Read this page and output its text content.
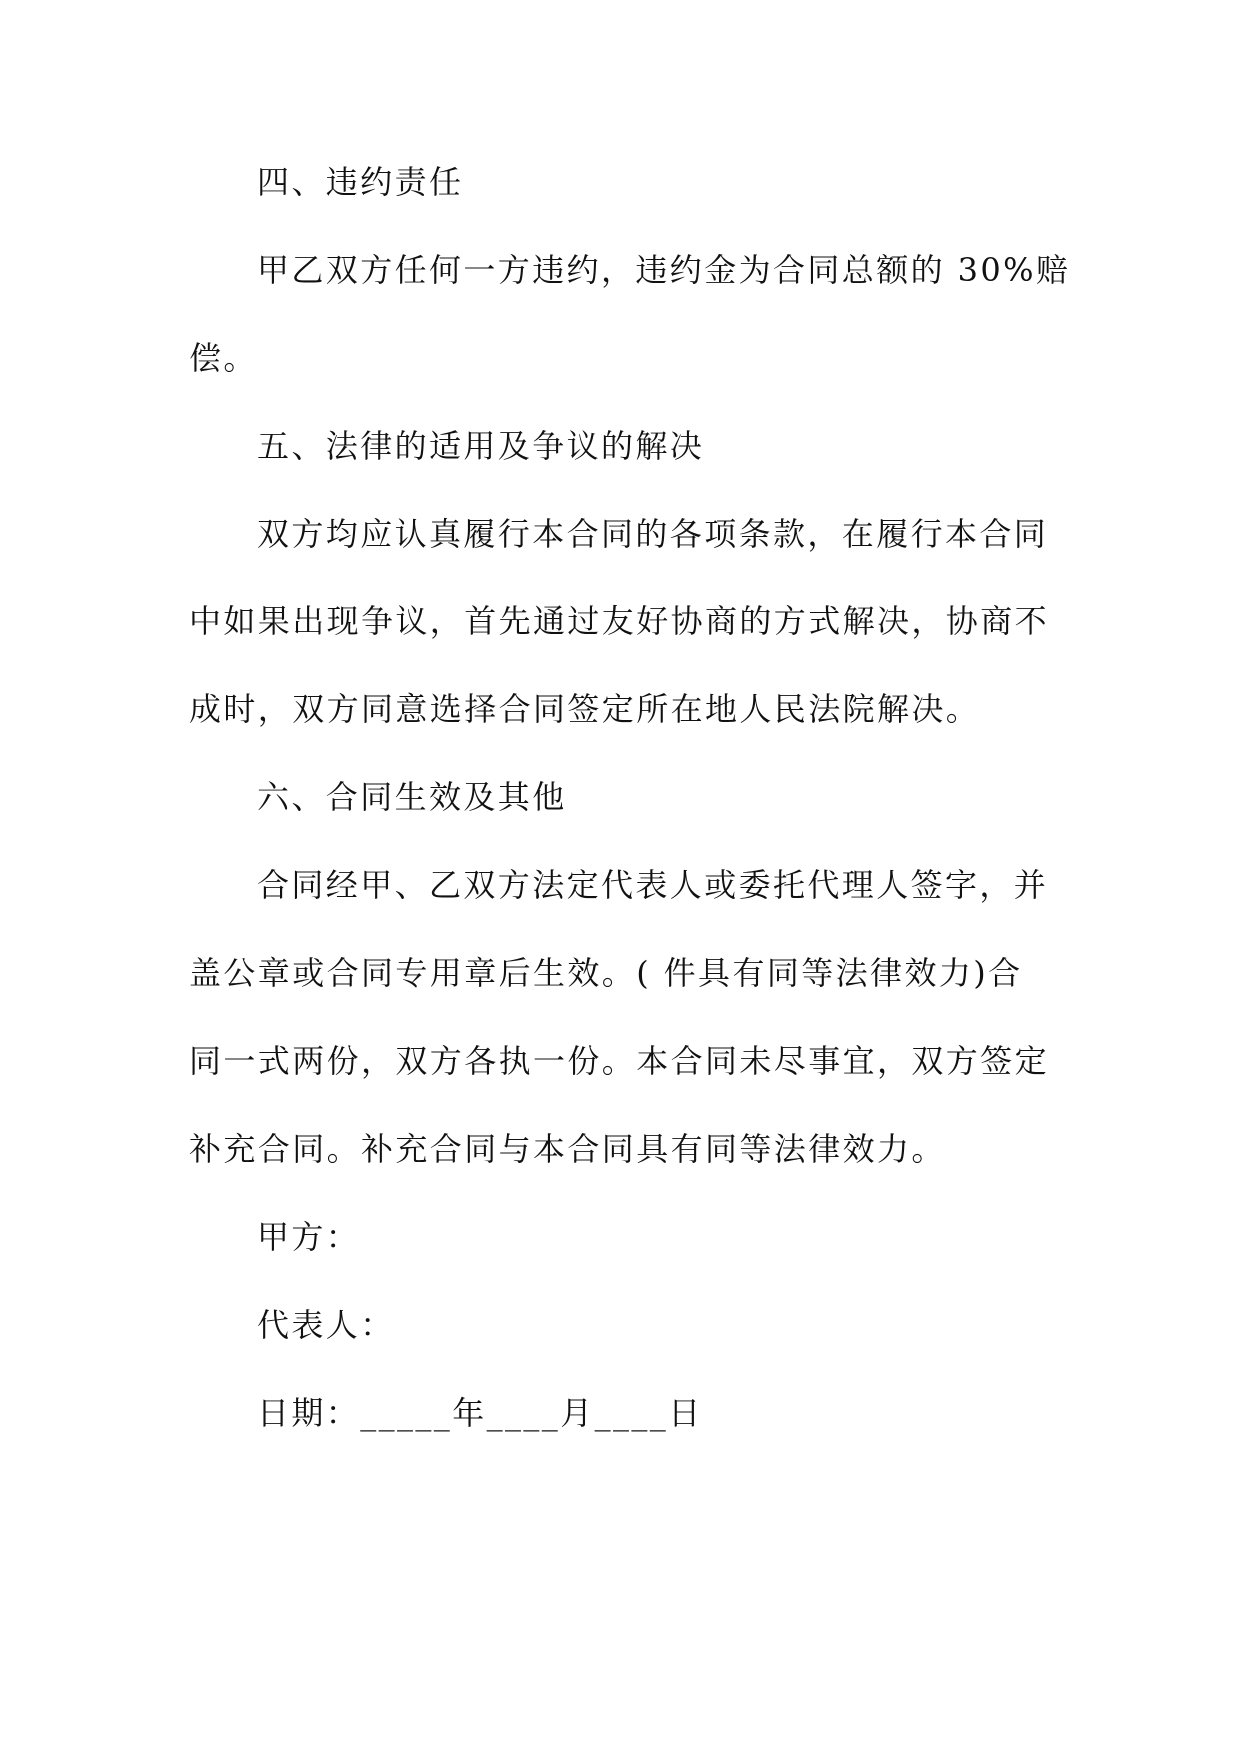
四、违约责任
甲乙双方任何一方违约，违约金为合同总额的 30%赔
偿。
五、法律的适用及争议的解决
双方均应认真履行本合同的各项条款，在履行本合同
中如果出现争议，首先通过友好协商的方式解决，协商不
成时，双方同意选择合同签定所在地人民法院解决。
六、合同生效及其他
合同经甲、乙双方法定代表人或委托代理人签字，并
盖公章或合同专用章后生效。( 件具有同等法律效力)合
同一式两份，双方各执一份。本合同未尽事宜，双方签定
补充合同。补充合同与本合同具有同等法律效力。
甲方：
代表人：
日期：_____年____月____日
